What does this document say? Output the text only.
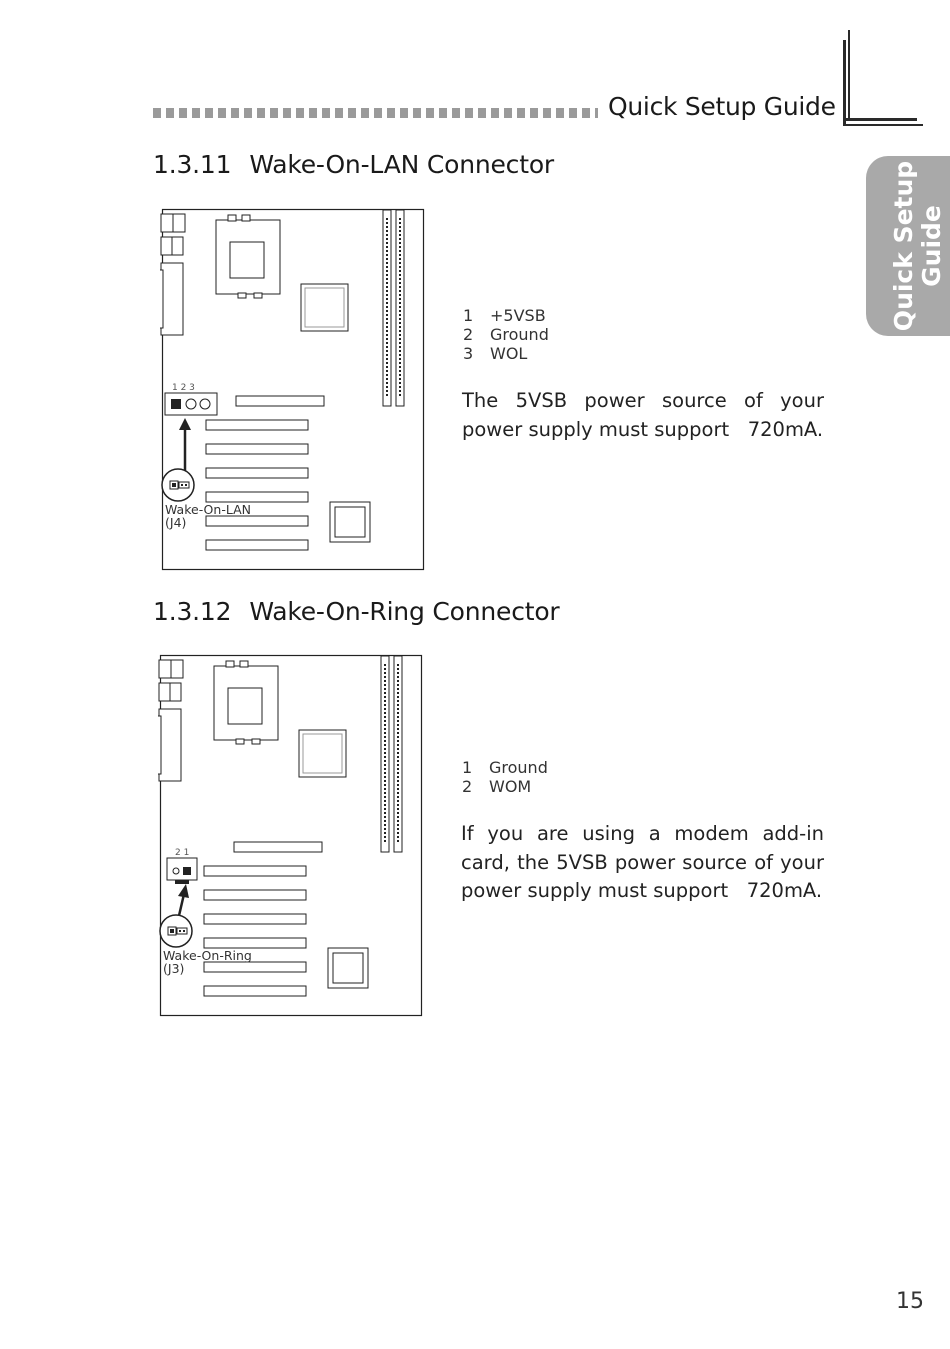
Quick Setup Guide
Quick Setup Guide
1.3.11 Wake-On-LAN Connector
1 2 3
Wake-On-LAN
(J4)
1 +5VSB
2 Ground
3 WOL
The 5VSB power source of your power supply must support   720mA.
1.3.12 Wake-On-Ring Connector
2 1
Wake-On-Ring
(J3)
1 Ground
2 WOM
If you are using a modem add-in card, the 5VSB power source of your power supply must support   720mA.
15
